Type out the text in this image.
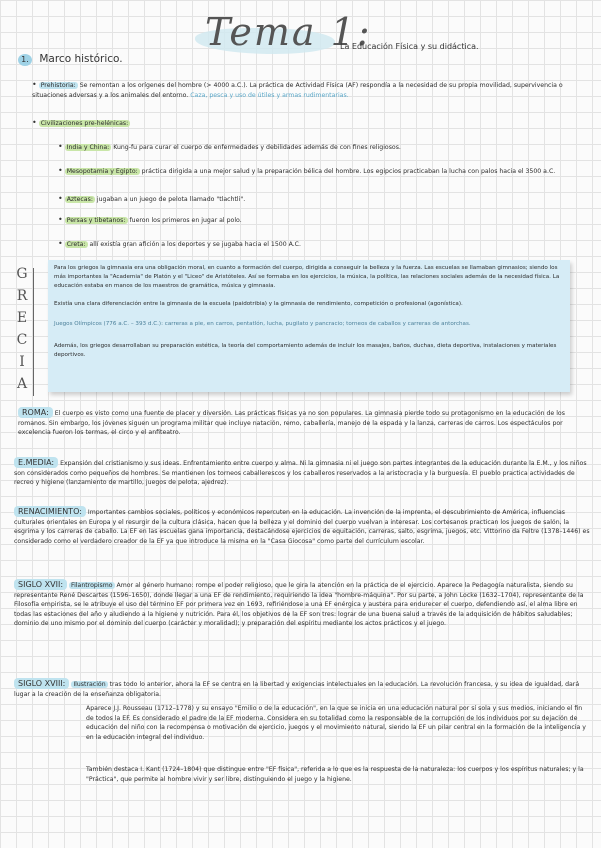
Tema 1:
La Educación Física y su didáctica.
1. Marco histórico.
• Prehistoria: Se remontan a los orígenes del hombre (> 4000 a.C.). La práctica de Actividad Física (AF) respondía a la necesidad de su propia movilidad, supervivencia o situaciones adversas y a los animales del entorno. Caza, pesca y uso de útiles y armas rudimentarias.
• Civilizaciones pre-helénicas:
• India y China: Kung-fu para curar el cuerpo de enfermedades y debilidades además de con fines religiosos.
• Mesopotamia y Egipto: práctica dirigida a una mejor salud y la preparación bélica del hombre. Los egipcios practicaban la lucha con palos hacia el 3500 a.C.
• Aztecas: jugaban a un juego de pelota llamado "tlachtli".
• Persas y tibetanos: fueron los primeros en jugar al polo.
• Creta: allí existía gran afición a los deportes y se jugaba hacia el 1500 A.C.
G
R
E
C
I
A
Para los griegos la gimnasia era una obligación moral, en cuanto a formación del cuerpo, dirigida a conseguir la belleza y la fuerza. Las escuelas se llamaban gimnasios; siendo los más importantes la "Academia" de Platón y el "Liceo" de Aristóteles. Así se formaba en los ejercicios, la música, la política, las relaciones sociales además de la necesidad física. La educación estaba en manos de los maestros de gramática, música y gimnasia.
Existía una clara diferenciación entre la gimnasia de la escuela (paidotribia) y la gimnasia de rendimiento, competición o profesional (agonística).
Juegos Olímpicos (776 a.C. – 393 d.C.): carreras a pie, en carros, pentatlón, lucha, pugilato y pancracio; torneos de caballos y carreras de antorchas.
Además, los griegos desarrollaban su preparación estética, la teoría del comportamiento además de incluir los masajes, baños, duchas, dieta deportiva, instalaciones y materiales deportivos.
ROMA: El cuerpo es visto como una fuente de placer y diversión. Las prácticas físicas ya no son populares. La gimnasia pierde todo su protagonismo en la educación de los romanos. Sin embargo, los jóvenes siguen un programa militar que incluye natación, remo, caballería, manejo de la espada y la lanza, carreras de carros. Los espectáculos por excelencia fueron los termas, el circo y el anfiteatro.
E.MEDIA: Expansión del cristianismo y sus ideas. Enfrentamiento entre cuerpo y alma. Ni la gimnasia ni el juego son partes integrantes de la educación durante la E.M., y los niños son considerados como pequeños de hombres. Se mantienen los torneos caballerescos y los caballeros reservados a la aristocracia y la burguesía. El pueblo practica actividades de recreo y higiene (lanzamiento de martillo, juegos de pelota, ajedrez).
RENACIMIENTO: Importantes cambios sociales, políticos y económicos repercuten en la educación. La invención de la imprenta, el descubrimiento de América, influencias culturales orientales en Europa y el resurgir de la cultura clásica, hacen que la belleza y el dominio del cuerpo vuelvan a interesar. Los cortesanos practican los juegos de salón, la esgrima y los carreras de caballo. La EF en las escuelas gana importancia, destacándose ejercicios de equitación, carreras, salto, esgrima, juegos, etc. Vittorino da Feltre (1378–1446) es considerado como el verdadero creador de la EF ya que introduce la misma en la "Casa Giocosa" como parte del currículum escolar.
SIGLO XVII: Filantropismo Amor al género humano: rompe el poder religioso, que le gira la atención en la práctica de el ejercicio. Aparece la Pedagogía naturalista, siendo su representante René Descartes (1596–1650), donde llegar a una EF de rendimiento, requiriendo la idea "hombre-máquina". Por su parte, a John Locke (1632–1704), representante de la Filosofía empirista, se le atribuye el uso del término EF por primera vez en 1693, refiriéndose a una EF enérgica y austera para endurecer el cuerpo, defendiendo así, el alma libre en todas las estaciones del año y aludiendo a la higiene y nutrición. Para él, los objetivos de la EF son tres: lograr de una buena salud a través de la adquisición de hábitos saludables; dominio de uno mismo por el dominio del cuerpo (carácter y moralidad); y preparación del espíritu mediante los actos prácticos y el juego.
SIGLO XVIII: Ilustración tras todo lo anterior, ahora la EF se centra en la libertad y exigencias intelectuales en la educación. La revolución francesa, y su idea de igualdad, dará lugar a la creación de la enseñanza obligatoria.
Aparece J.J. Rousseau (1712–1778) y su ensayo "Emilio o de la educación", en la que se inicia en una educación natural por sí sola y sus medios, iniciando el fin de todos la EF. Es considerado el padre de la EF moderna. Considera en su totalidad como la responsable de la corrupción de los individuos por su dejación de educación del niño con la recompensa o motivación de ejercicio, juegos y el movimiento natural, siendo la EF un pilar central en la formación de la inteligencia y en la educación integral del individuo.
También destaca I. Kant (1724–1804) que distingue entre "EF física", referida a lo que es la respuesta de la naturaleza: los cuerpos y los espíritus naturales; y la "Práctica", que permite al hombre vivir y ser libre, distinguiendo el juego y la higiene.
